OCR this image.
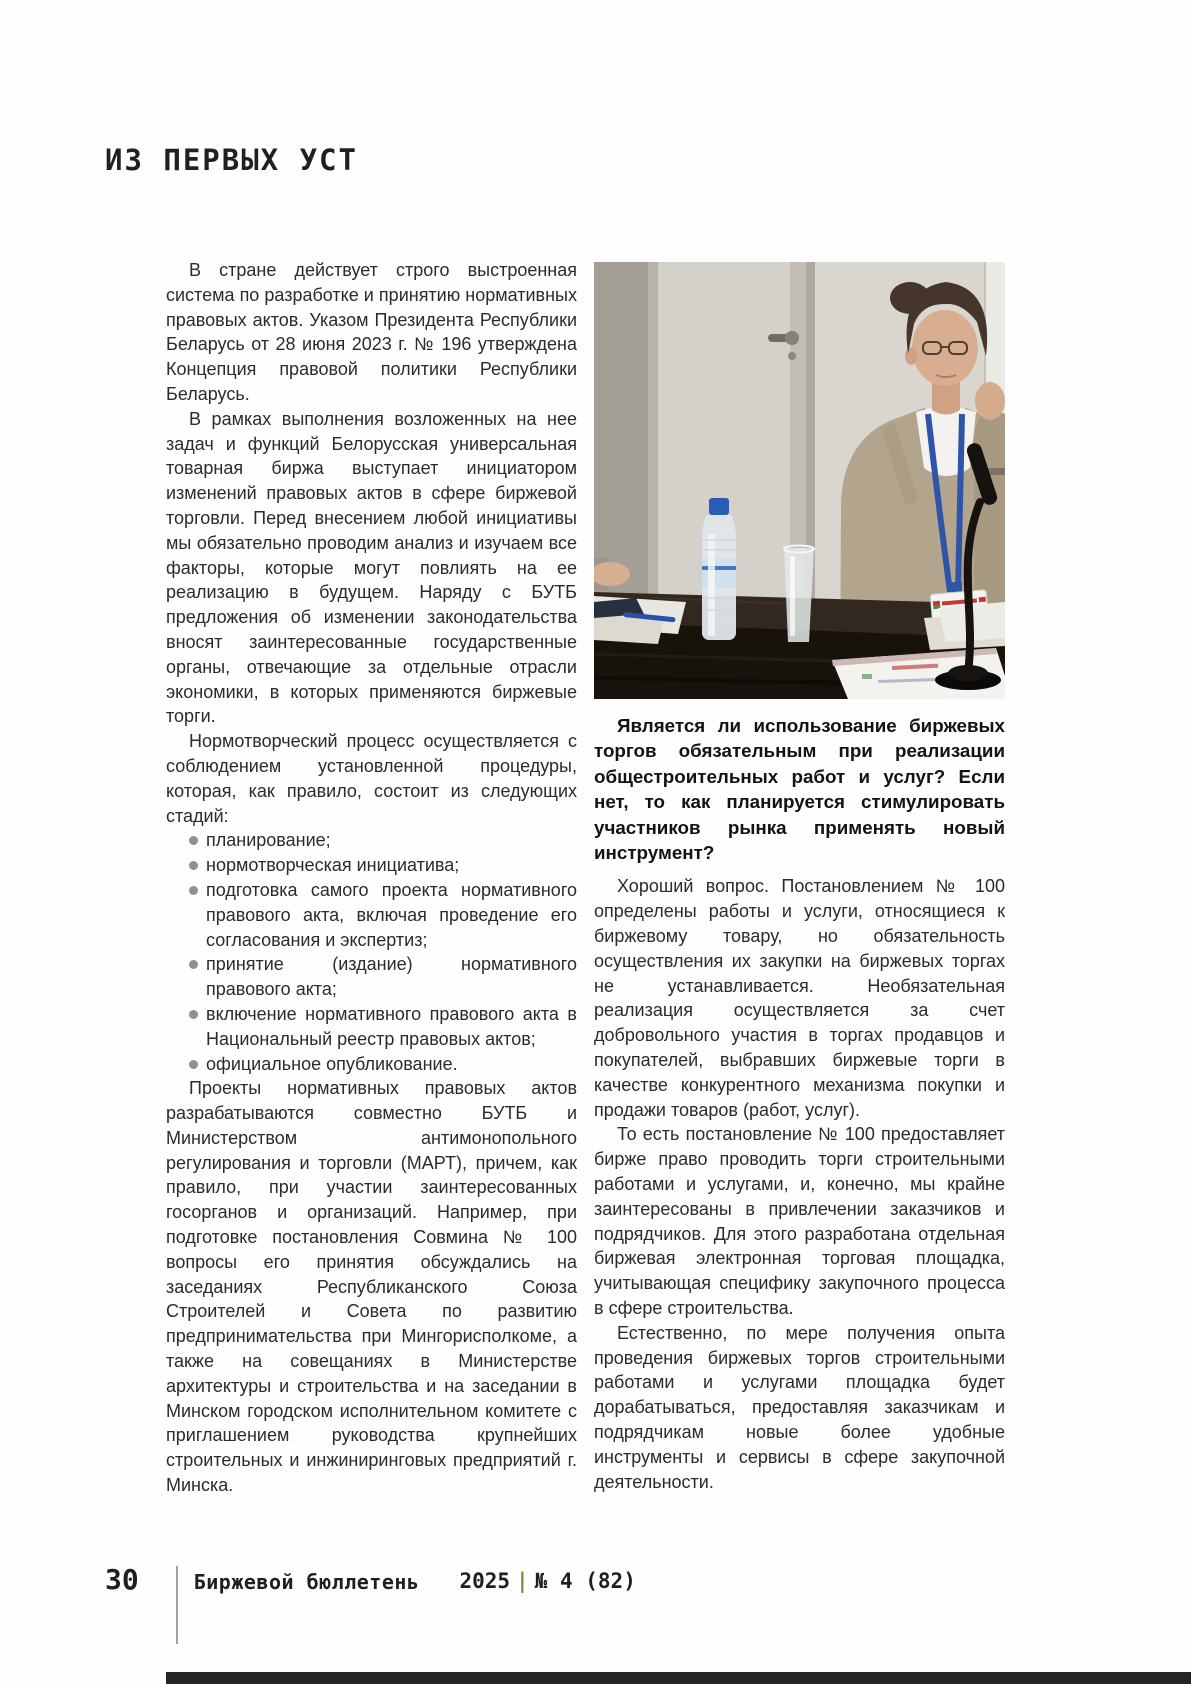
ИЗ ПЕРВЫХ УСТ

В стране действует строго выстроенная система по разработке и принятию нормативных правовых актов. Указом Президента Республики Беларусь от 28 июня 2023 г. № 196 утверждена Концепция правовой политики Республики Беларусь.

В рамках выполнения возложенных на нее задач и функций Белорусская универсальная товарная биржа выступает инициатором изменений правовых актов в сфере биржевой торговли. Перед внесением любой инициативы мы обязательно проводим анализ и изучаем все факторы, которые могут повлиять на ее реализацию в будущем. Наряду с БУТБ предложения об изменении законодательства вносят заинтересованные государственные органы, отвечающие за отдельные отрасли экономики, в которых применяются биржевые торги.

Нормотворческий процесс осуществляется с соблюдением установленной процедуры, которая, как правило, состоит из следующих стадий:

планирование;
нормотворческая инициатива;
подготовка самого проекта нормативного правового акта, включая проведение его согласования и экспертиз;
принятие (издание) нормативного правового акта;
включение нормативного правового акта в Национальный реестр правовых актов;
официальное опубликование.

Проекты нормативных правовых актов разрабатываются совместно БУТБ и Министерством антимонопольного регулирования и торговли (МАРТ), причем, как правило, при участии заинтересованных госорганов и организаций. Например, при подготовке постановления Совмина № 100 вопросы его принятия обсуждались на заседаниях Республиканского Союза Строителей и Совета по развитию предпринимательства при Мингорисполкоме, а также на совещаниях в Министерстве архитектуры и строительства и на заседании в Минском городском исполнительном комитете с приглашением руководства крупнейших строительных и инжиниринговых предприятий г. Минска.

Является ли использование биржевых торгов обязательным при реализации общестроительных работ и услуг? Если нет, то как планируется стимулировать участников рынка применять новый инструмент?

Хороший вопрос. Постановлением № 100 определены работы и услуги, относящиеся к биржевому товару, но обязательность осуществления их закупки на биржевых торгах не устанавливается. Необязательная реализация осуществляется за счет добровольного участия в торгах продавцов и покупателей, выбравших биржевые торги в качестве конкурентного механизма покупки и продажи товаров (работ, услуг).

То есть постановление № 100 предоставляет бирже право проводить торги строительными работами и услугами, и, конечно, мы крайне заинтересованы в привлечении заказчиков и подрядчиков. Для этого разработана отдельная биржевая электронная торговая площадка, учитывающая специфику закупочного процесса в сфере строительства.

Естественно, по мере получения опыта проведения биржевых торгов строительными работами и услугами площадка будет дорабатываться, предоставляя заказчикам и подрядчикам новые более удобные инструменты и сервисы в сфере закупочной деятельности.

30	Биржевой бюллетень 2025 | № 4 (82)
